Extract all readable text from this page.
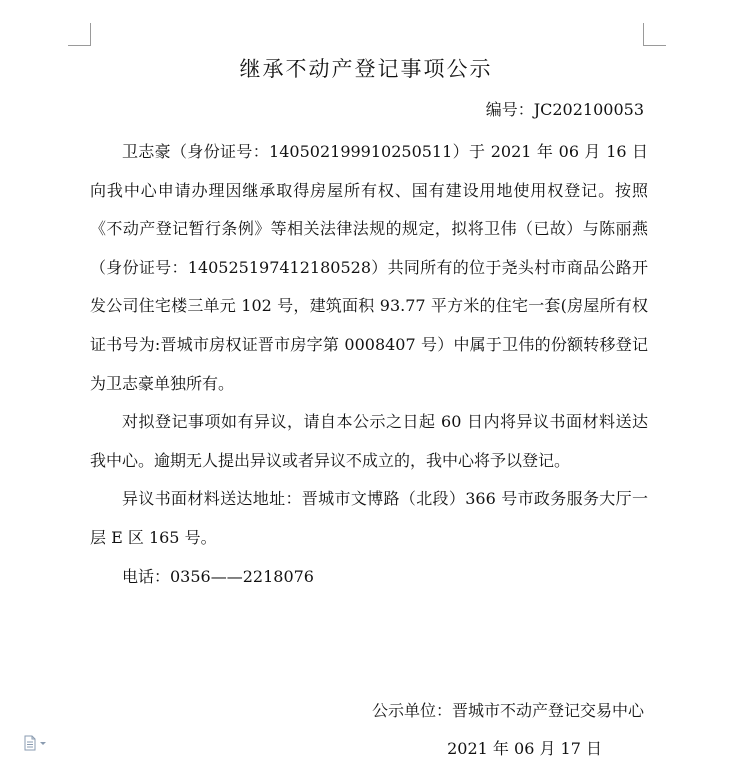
继承不动产登记事项公示
编号：JC202100053

卫志豪（身份证号：140502199910250511）于 2021 年 06 月 16 日向我中心申请办理因继承取得房屋所有权、国有建设用地使用权登记。按照《不动产登记暂行条例》等相关法律法规的规定，拟将卫伟（已故）与陈丽燕（身份证号：140525197412180528）共同所有的位于尧头村市商品公路开发公司住宅楼三单元 102 号，建筑面积 93.77 平方米的住宅一套(房屋所有权证书号为:晋城市房权证晋市房字第 0008407 号）中属于卫伟的份额转移登记为卫志豪单独所有。

对拟登记事项如有异议，请自本公示之日起 60 日内将异议书面材料送达我中心。逾期无人提出异议或者异议不成立的，我中心将予以登记。

异议书面材料送达地址：晋城市文博路（北段）366 号市政务服务大厅一层 E 区 165 号。

电话：0356——2218076

公示单位：晋城市不动产登记交易中心
2021 年 06 月 17 日
